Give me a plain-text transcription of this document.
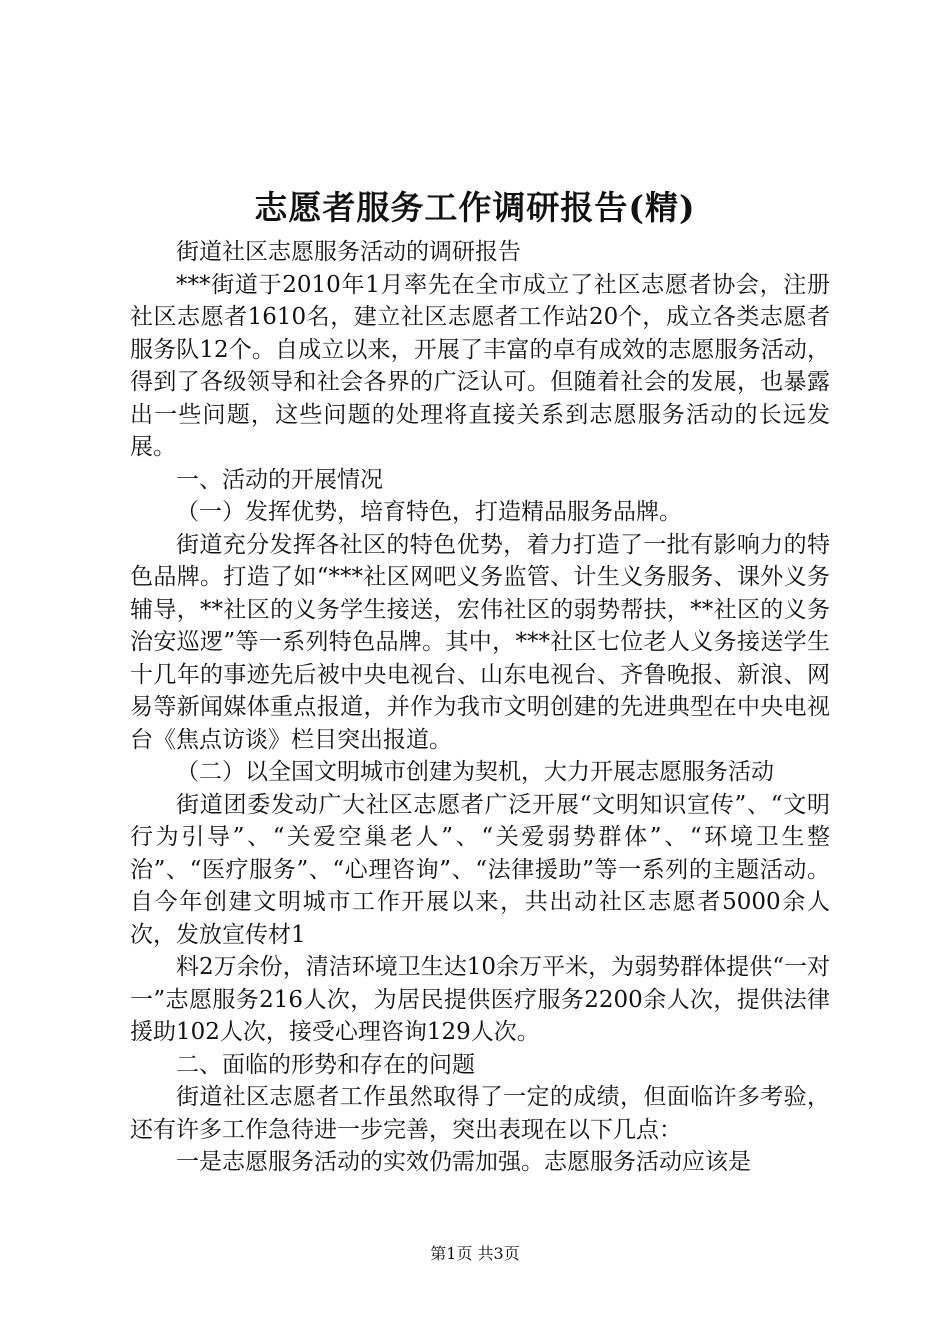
志愿者服务工作调研报告(精)

街道社区志愿服务活动的调研报告

***街道于2010年1月率先在全市成立了社区志愿者协会，注册社区志愿者1610名，建立社区志愿者工作站20个，成立各类志愿者服务队12个。自成立以来，开展了丰富的卓有成效的志愿服务活动，得到了各级领导和社会各界的广泛认可。但随着社会的发展，也暴露出一些问题，这些问题的处理将直接关系到志愿服务活动的长远发展。

一、活动的开展情况

（一）发挥优势，培育特色，打造精品服务品牌。

街道充分发挥各社区的特色优势，着力打造了一批有影响力的特色品牌。打造了如“***社区网吧义务监管、计生义务服务、课外义务辅导，**社区的义务学生接送，宏伟社区的弱势帮扶，**社区的义务治安巡逻”等一系列特色品牌。其中，***社区七位老人义务接送学生十几年的事迹先后被中央电视台、山东电视台、齐鲁晚报、新浪、网易等新闻媒体重点报道，并作为我市文明创建的先进典型在中央电视台《焦点访谈》栏目突出报道。

（二）以全国文明城市创建为契机，大力开展志愿服务活动

街道团委发动广大社区志愿者广泛开展“文明知识宣传”、“文明行为引导”、“关爱空巢老人”、“关爱弱势群体”、“环境卫生整治”、“医疗服务”、“心理咨询”、“法律援助”等一系列的主题活动。自今年创建文明城市工作开展以来，共出动社区志愿者5000余人次，发放宣传材1

料2万余份，清洁环境卫生达10余万平米，为弱势群体提供“一对一”志愿服务216人次，为居民提供医疗服务2200余人次，提供法律援助102人次，接受心理咨询129人次。

二、面临的形势和存在的问题

街道社区志愿者工作虽然取得了一定的成绩，但面临许多考验，还有许多工作急待进一步完善，突出表现在以下几点：

一是志愿服务活动的实效仍需加强。志愿服务活动应该是

第1页 共3页
